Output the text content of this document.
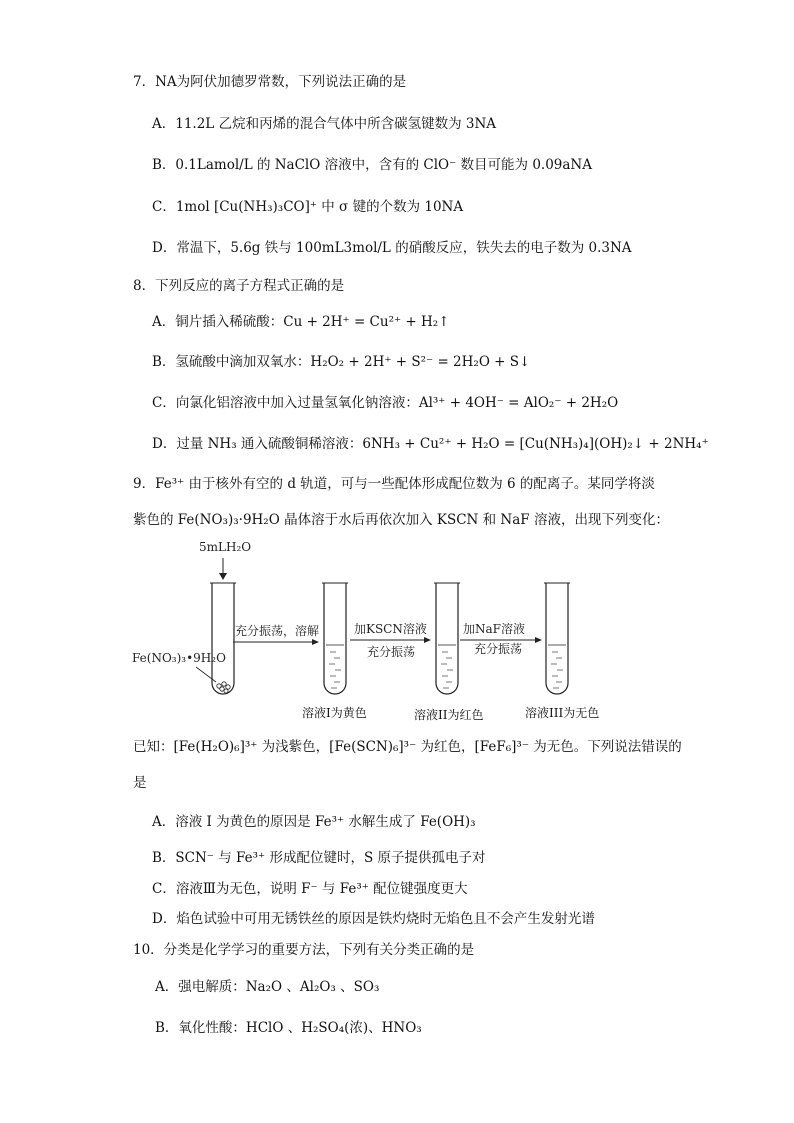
7．NA为阿伏加德罗常数，下列说法正确的是
A．11.2L 乙烷和丙烯的混合气体中所含碳氢键数为 3NA
B．0.1Lamol/L 的 NaClO 溶液中，含有的 ClO⁻ 数目可能为 0.09aNA
C．1mol [Cu(NH₃)₃CO]⁺ 中 σ 键的个数为 10NA
D．常温下，5.6g 铁与 100mL3mol/L 的硝酸反应，铁失去的电子数为 0.3NA
8．下列反应的离子方程式正确的是
A．铜片插入稀硫酸：Cu + 2H⁺ = Cu²⁺ + H₂↑
B．氢硫酸中滴加双氧水：H₂O₂ + 2H⁺ + S²⁻ = 2H₂O + S↓
C．向氯化铝溶液中加入过量氢氧化钠溶液：Al³⁺ + 4OH⁻ = AlO₂⁻ + 2H₂O
D．过量 NH₃ 通入硫酸铜稀溶液：6NH₃ + Cu²⁺ + H₂O = [Cu(NH₃)₄](OH)₂↓ + 2NH₄⁺
9．Fe³⁺ 由于核外有空的 d 轨道，可与一些配体形成配位数为 6 的配离子。某同学将淡
紫色的 Fe(NO₃)₃·9H₂O 晶体溶于水后再依次加入 KSCN 和 NaF 溶液，出现下列变化：
5mLH₂O
Fe(NO₃)₃•9H₂O
充分振荡，溶解	加KSCN溶液
充分振荡
加NaF溶液
充分振荡
溶液I为黄色	溶液II为红色	溶液III为无色
已知：[Fe(H₂O)₆]³⁺ 为浅紫色，[Fe(SCN)₆]³⁻ 为红色，[FeF₆]³⁻ 为无色。下列说法错误的
是
A．溶液 I 为黄色的原因是 Fe³⁺ 水解生成了 Fe(OH)₃
B．SCN⁻ 与 Fe³⁺ 形成配位键时，S 原子提供孤电子对
C．溶液Ⅲ为无色，说明 F⁻ 与 Fe³⁺ 配位键强度更大
D．焰色试验中可用无锈铁丝的原因是铁灼烧时无焰色且不会产生发射光谱
10．分类是化学学习的重要方法，下列有关分类正确的是
A．强电解质：Na₂O 、Al₂O₃ 、SO₃
B．氧化性酸：HClO 、H₂SO₄(浓)、HNO₃
